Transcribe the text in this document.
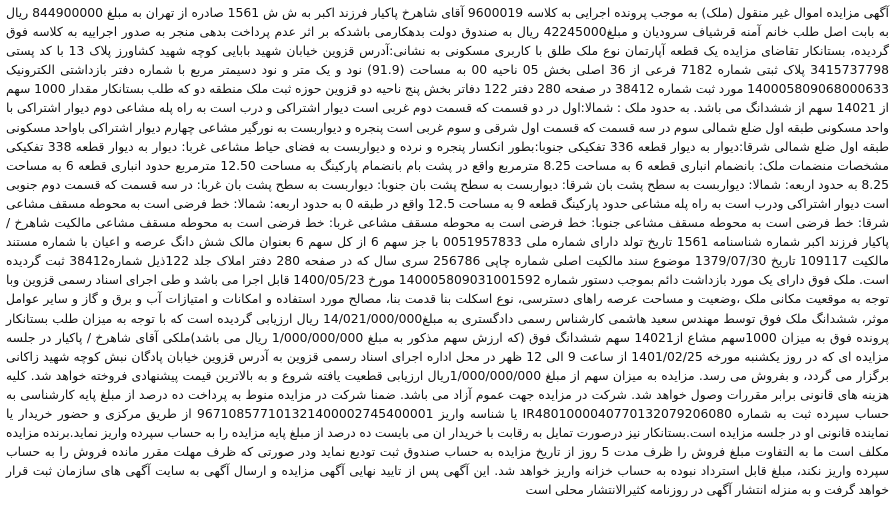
آگهی مزایده اموال غیر منقول (ملک) به موجب پرونده اجرایی به کلاسه 9600019 آقای شاهرخ پاکیار فرزند اکبر به ش ش 1561 صادره از تهران به مبلغ 844900000 ریال به بابت اصل طلب خانم آمنه قرشیاف سرودیان و مبلغ42245000 ریال به صندوق دولت بدهکارمی باشدکه بر اثر عدم پرداخت بدهی منجر به صدور اجراییه به کلاسه فوق گردیده، بستانکار تقاضای مزایده یک قطعه آپارتمان نوع ملک طلق با کاربری مسکونی به نشانی:آدرس قزوین خیابان شهید بابایی کوچه شهید کشاورز پلاک 13 با کد پستی 3415737798 پلاک ثبتی شماره 7182 فرعی از 36 اصلی بخش 05 ناحیه 00 به مساحت (91.9) نود و یک متر و نود دسیمتر مربع با شماره دفتر بازداشتی الکترونیک 140005809068000633 مورد ثبت شماره 38412 در صفحه 280 دفتر 122 دفاتر بخش پنج ناحیه دو قزوین حوزه ثبت ملک منطقه دو که طلب بستانکار مقدار 1000 سهم از 14021 سهم از ششدانگ می باشد. به حدود ملک : شمالا:اول در دو قسمت که قسمت دوم غربی است دیوار اشتراکی و درب است به راه پله مشاعی دوم دیوار اشتراکی با واحد مسکونی طبقه اول ضلع شمالی سوم در سه قسمت که قسمت اول شرقی و سوم غربی است پنجره و دیواربست به نورگیر مشاعی چهارم دیوار اشتراکی باواحد مسکونی طبقه اول ضلع شمالی شرقا:دیوار به دیوار قطعه 336 تفکیکی جنوبا:بطور انکسار پنجره و نرده و دیواربست به فضای حیاط مشاعی غربا: دیوار به دیوار قطعه 338 تفکیکی مشخصات منضمات ملک: بانضمام انباری قطعه 6 به مساحت 8.25 مترمربع واقع در پشت بام بانضمام پارکینگ به مساحت 12.50 مترمربع حدود انباری قطعه 6 به مساحت 8.25 به حدود اربعه: شمالا: دیواربست به سطح پشت بان شرقا: دیواربست به سطح پشت بان جنوبا: دیواربست به سطح پشت بان غربا: در سه قسمت که قسمت دوم جنوبی است دیوار اشتراکی ودرب است به راه پله مشاعی حدود پارکینگ قطعه 9 به مساحت 12.5 واقع در طبقه 0 به حدود اربعه: شمالا: خط فرضی است به محوطه مسقف مشاعی شرقا: خط فرضی است به محوطه مسقف مشاعی جنوبا: خط فرضی است به محوطه مسقف مشاعی غربا: خط فرضی است به محوطه مسقف مشاعی مالکیت شاهرخ / پاکیار فرزند اکبر شماره شناسنامه 1561 تاریخ تولد دارای شماره ملی 0051957833 با جز سهم 6 از کل سهم 6 بعنوان مالک شش دانگ عرصه و اعیان با شماره مستند مالکیت 109117 تاریخ 1379/07/30 موضوع سند مالکیت اصلی شماره چاپی 256786 سری سال که در صفحه 280 دفتر املاک جلد 122ذیل شماره38412 ثبت گردیده است. ملک فوق دارای یک مورد بازداشت دائم بموجب دستور شماره 140005809031001592 مورخ 1400/05/23 قابل اجرا می باشد و طی اجرای اسناد رسمی قزوین وبا توجه به موقعیت مکانی ملک ،وضعیت و مساحت عرصه راهای دسترسی، نوع اسکلت بنا قدمت بنا، مصالح مورد استفاده و امکانات و امتیازات آب و برق و گاز و سایر عوامل موثر، ششدانگ ملک فوق توسط مهندس سعید هاشمی کارشناس رسمی دادگستری به مبلغ14/021/000/000 ریال ارزیابی گردیده است که با توجه به میزان طلب بستانکار پرونده فوق به میزان 1000سهم مشاع از14021 سهم ششدانگ فوق (که ارزش سهم مذکور به مبلغ 1/000/000/000 ریال می باشد)ملکی آقای شاهرخ / پاکیار در جلسه مزایده ای که در روز یکشنبه مورخه 1401/02/25 از ساعت 9 الی 12 ظهر در محل اداره اجرای اسناد رسمی قزوین به آدرس قزوین خیابان پادگان نبش کوچه شهید زاکانی برگزار می گردد، و بفروش می رسد. مزایده به میزان سهم از مبلغ 1/000/000/000ریال ارزیابی قطعیت یافته شروع و به بالاترین قیمت پیشنهادی فروخته خواهد شد. کلیه هزینه های قانونی برابر مقررات وصول خواهد شد. شرکت در مزایده جهت عموم آزاد می باشد. ضمنا شرکت در مزایده منوط به پرداخت ده درصد از مبلغ پایه کارشناسی به حساب سپرده ثبت به شماره IR480100004077013207920608​0 یا شناسه واریز 967108577101321400002745400001 از طریق مرکزی و حضور خریدار یا نماینده قانونی او در جلسه مزایده است.بستانکار نیز درصورت تمایل به رقابت با خریدار ان می بایست ده درصد از مبلغ پایه مزایده را به حساب سپرده واریز نماید.برنده مزایده مکلف است ما به التفاوت مبلغ فروش را ظرف مدت 5 روز از تاریخ مزایده به حساب صندوق ثبت تودیع نماید ودر صورتی که ظرف مهلت مقرر مانده فروش را به حساب سپرده واریز نکند، مبلغ قابل استرداد نبوده به حساب خزانه واریز خواهد شد. این آگهی پس از تایید نهایی آگهی مزایده و ارسال آگهی به سایت آگهی های سازمان ثبت قرار خواهد گرفت و به منزله انتشار آگهی در روزنامه کثیرالانتشار محلی است
